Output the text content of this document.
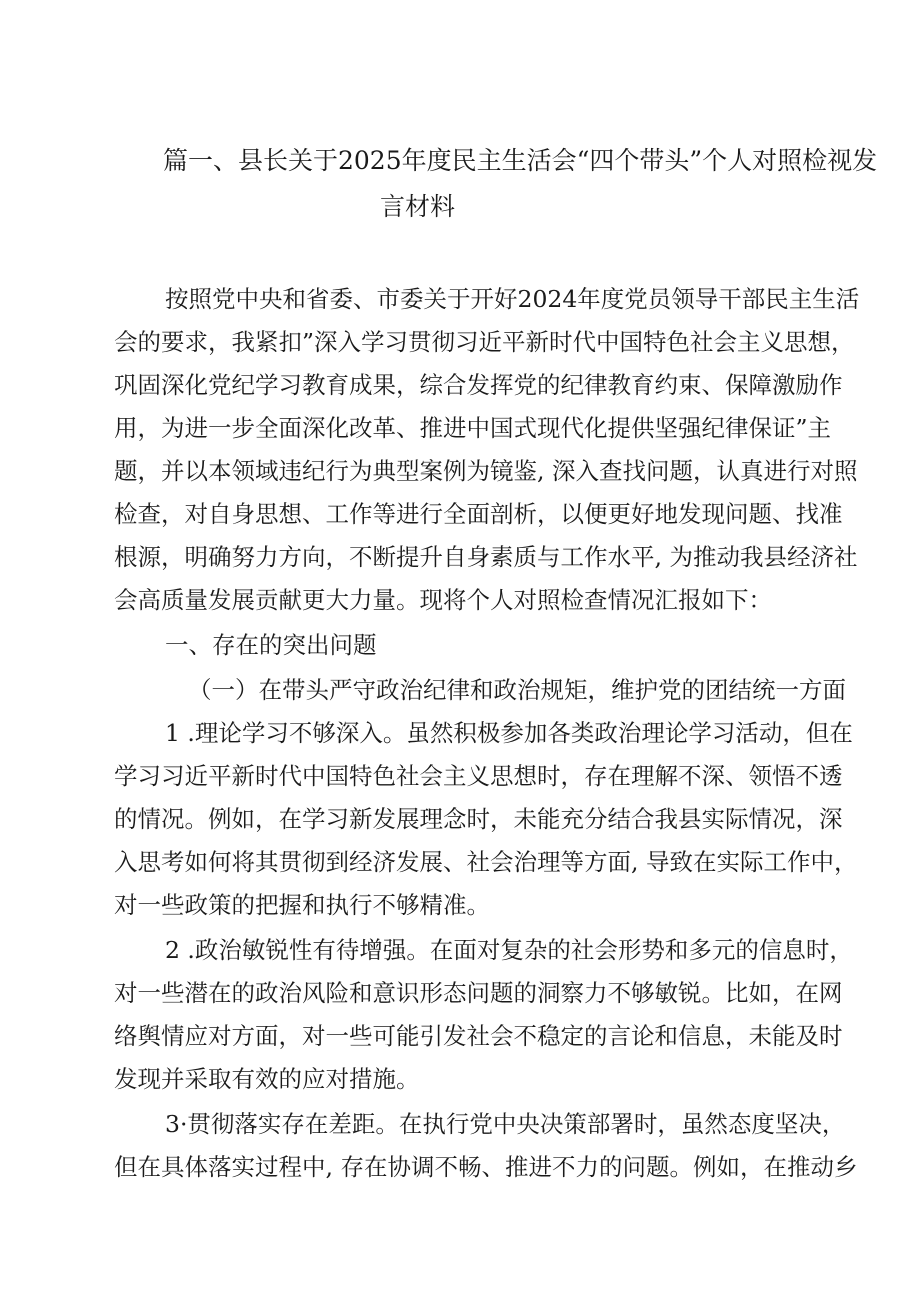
篇一、县长关于2025年度民主生活会“四个带头”个人对照检视发
言材料
按照党中央和省委、市委关于开好2024年度党员领导干部民主生活
会的要求，我紧扣”深入学习贯彻习近平新时代中国特色社会主义思想，
巩固深化党纪学习教育成果，综合发挥党的纪律教育约束、保障激励作
用，为进一步全面深化改革、推进中国式现代化提供坚强纪律保证”主
题，并以本领域违纪行为典型案例为镜鉴, 深入查找问题，认真进行对照
检查，对自身思想、工作等进行全面剖析，以便更好地发现问题、找准
根源，明确努力方向，不断提升自身素质与工作水平, 为推动我县经济社
会高质量发展贡献更大力量。现将个人对照检查情况汇报如下：
一、存在的突出问题
（一）在带头严守政治纪律和政治规矩，维护党的团结统一方面
1 .理论学习不够深入。虽然积极参加各类政治理论学习活动，但在
学习习近平新时代中国特色社会主义思想时，存在理解不深、领悟不透
的情况。例如，在学习新发展理念时，未能充分结合我县实际情况，深
入思考如何将其贯彻到经济发展、社会治理等方面, 导致在实际工作中，
对一些政策的把握和执行不够精准。
2 .政治敏锐性有待增强。在面对复杂的社会形势和多元的信息时，
对一些潜在的政治风险和意识形态问题的洞察力不够敏锐。比如，在网
络舆情应对方面，对一些可能引发社会不稳定的言论和信息，未能及时
发现并采取有效的应对措施。
3·贯彻落实存在差距。在执行党中央决策部署时，虽然态度坚决，
但在具体落实过程中, 存在协调不畅、推进不力的问题。例如，在推动乡
